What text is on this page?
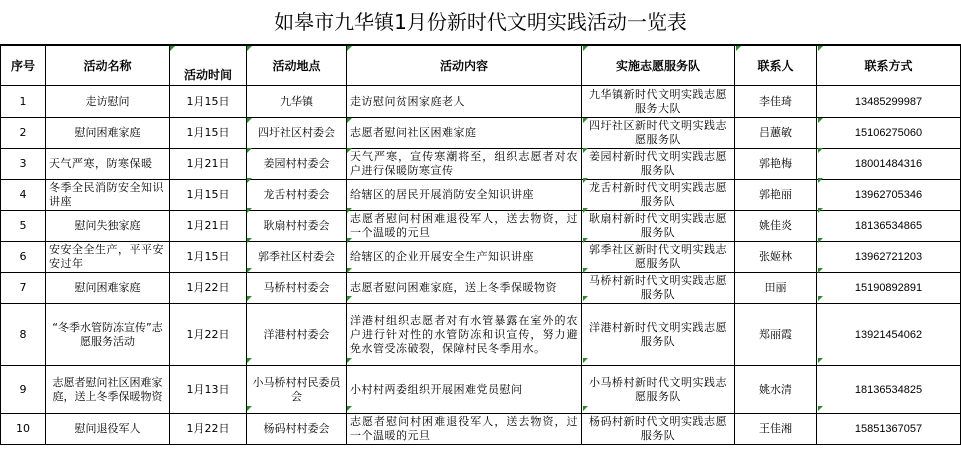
如皋市九华镇1月份新时代文明实践活动一览表
序号	活动名称	活动时间	活动地点	活动内容	实施志愿服务队	联系人	联系方式
1	走访慰问	1月15日	九华镇	走访慰问贫困家庭老人	九华镇新时代文明实践志愿服务大队	李佳琦	13485299987
2	慰问困难家庭	1月15日	四圩社区村委会	志愿者慰问社区困难家庭	四圩社区新时代文明实践志愿服务队	吕蕙敏	15106275060
3	天气严寒，防寒保暖	1月21日	姜园村村委会	天气严寒，宣传寒潮将至，组织志愿者对农户进行保暖防寒宣传	姜园村新时代文明实践志愿服务队	郭艳梅	18001484316
4	冬季全民消防安全知识讲座	1月15日	龙舌村村委会	给辖区的居民开展消防安全知识讲座	龙舌村新时代文明实践志愿服务队	郭艳丽	13962705346
5	慰问失独家庭	1月21日	耿扇村村委会	志愿者慰问村困难退役军人，送去物资，过一个温暖的元旦	耿扇村新时代文明实践志愿服务队	姚佳炎	18136534865
6	安安全全生产，平平安安过年	1月15日	郭季社区村委会	给辖区的企业开展安全生产知识讲座	郭季社区新时代文明实践志愿服务队	张姬林	13962721203
7	慰问困难家庭	1月22日	马桥村村委会	志愿者慰问困难家庭，送上冬季保暖物资	马桥村新时代文明实践志愿服务队	田丽	15190892891
8	“冬季水管防冻宣传”志愿服务活动	1月22日	洋港村村委会	洋港村组织志愿者对有水管暴露在室外的农户进行针对性的水管防冻和识宣传，努力避免水管受冻破裂，保障村民冬季用水。	洋港村新时代文明实践志愿服务队	郑丽霞	13921454062
9	志愿者慰问社区困难家庭，送上冬季保暖物资	1月13日	小马桥村村民委员会	小村村两委组织开展困难党员慰问	小马桥村新时代文明实践志愿服务队	姚水清	18136534825
10	慰问退役军人	1月22日	杨码村村委会	志愿者慰问村困难退役军人，送去物资，过一个温暖的元旦	杨码村新时代文明实践志愿服务队	王佳湘	15851367057
